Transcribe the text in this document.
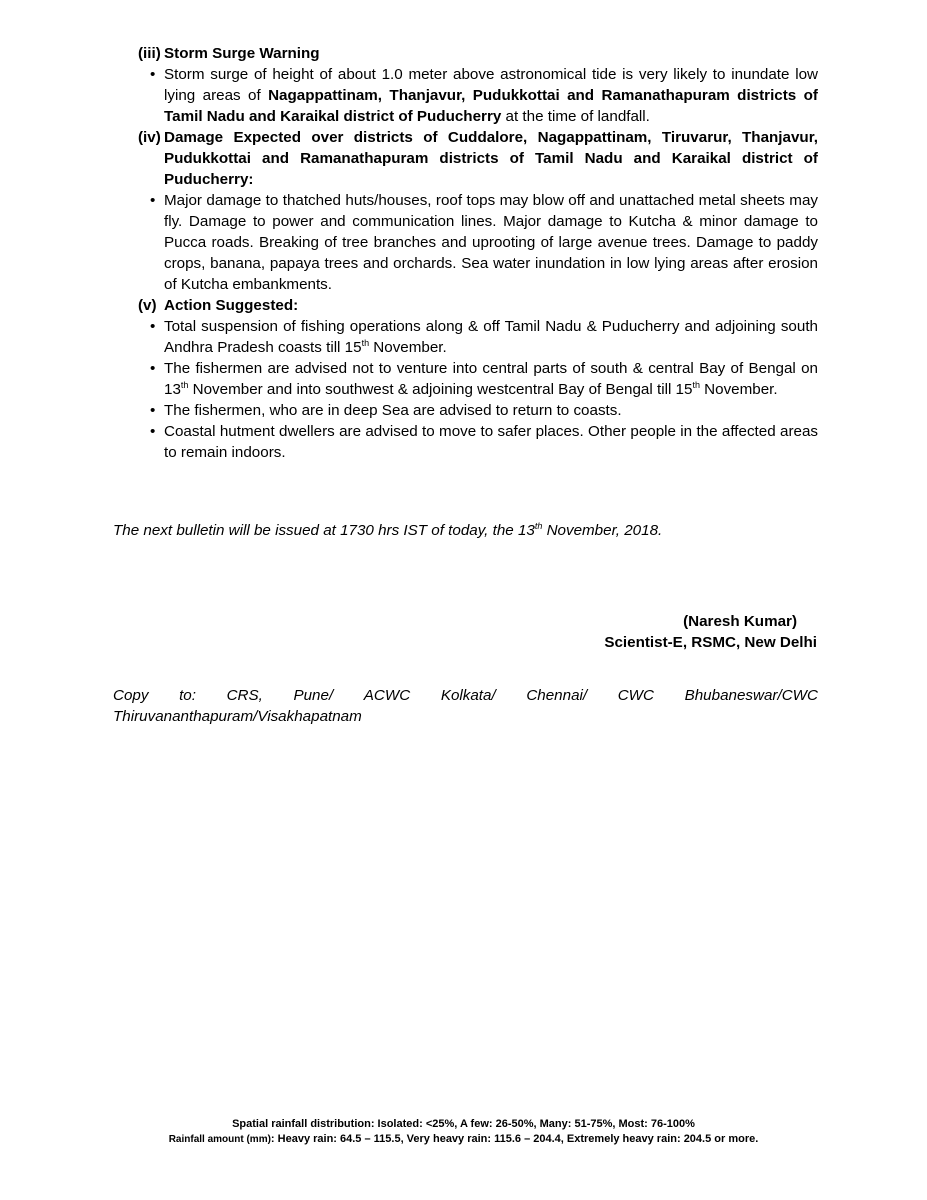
(iii) Storm Surge Warning
• Storm surge of height of about 1.0 meter above astronomical tide is very likely to inundate low lying areas of Nagappattinam, Thanjavur, Pudukkottai and Ramanathapuram districts of Tamil Nadu and Karaikal district of Puducherry at the time of landfall.
(iv) Damage Expected over districts of Cuddalore, Nagappattinam, Tiruvarur, Thanjavur, Pudukkottai and Ramanathapuram districts of Tamil Nadu and Karaikal district of Puducherry:
• Major damage to thatched huts/houses, roof tops may blow off and unattached metal sheets may fly. Damage to power and communication lines. Major damage to Kutcha & minor damage to Pucca roads. Breaking of tree branches and uprooting of large avenue trees. Damage to paddy crops, banana, papaya trees and orchards. Sea water inundation in low lying areas after erosion of Kutcha embankments.
(v) Action Suggested:
• Total suspension of fishing operations along & off Tamil Nadu & Puducherry and adjoining south Andhra Pradesh coasts till 15th November.
• The fishermen are advised not to venture into central parts of south & central Bay of Bengal on 13th November and into southwest & adjoining westcentral Bay of Bengal till 15th November.
• The fishermen, who are in deep Sea are advised to return to coasts.
• Coastal hutment dwellers are advised to move to safer places. Other people in the affected areas to remain indoors.
The next bulletin will be issued at 1730 hrs IST of today, the 13th November, 2018.
(Naresh Kumar)
Scientist-E, RSMC, New Delhi
Copy to: CRS, Pune/ ACWC Kolkata/ Chennai/ CWC Bhubaneswar/CWC
Thiruvananthapuram/Visakhapatnam
Spatial rainfall distribution: Isolated: <25%, A few: 26-50%, Many: 51-75%, Most: 76-100%
Rainfall amount (mm): Heavy rain: 64.5 – 115.5, Very heavy rain: 115.6 – 204.4, Extremely heavy rain: 204.5 or more.
